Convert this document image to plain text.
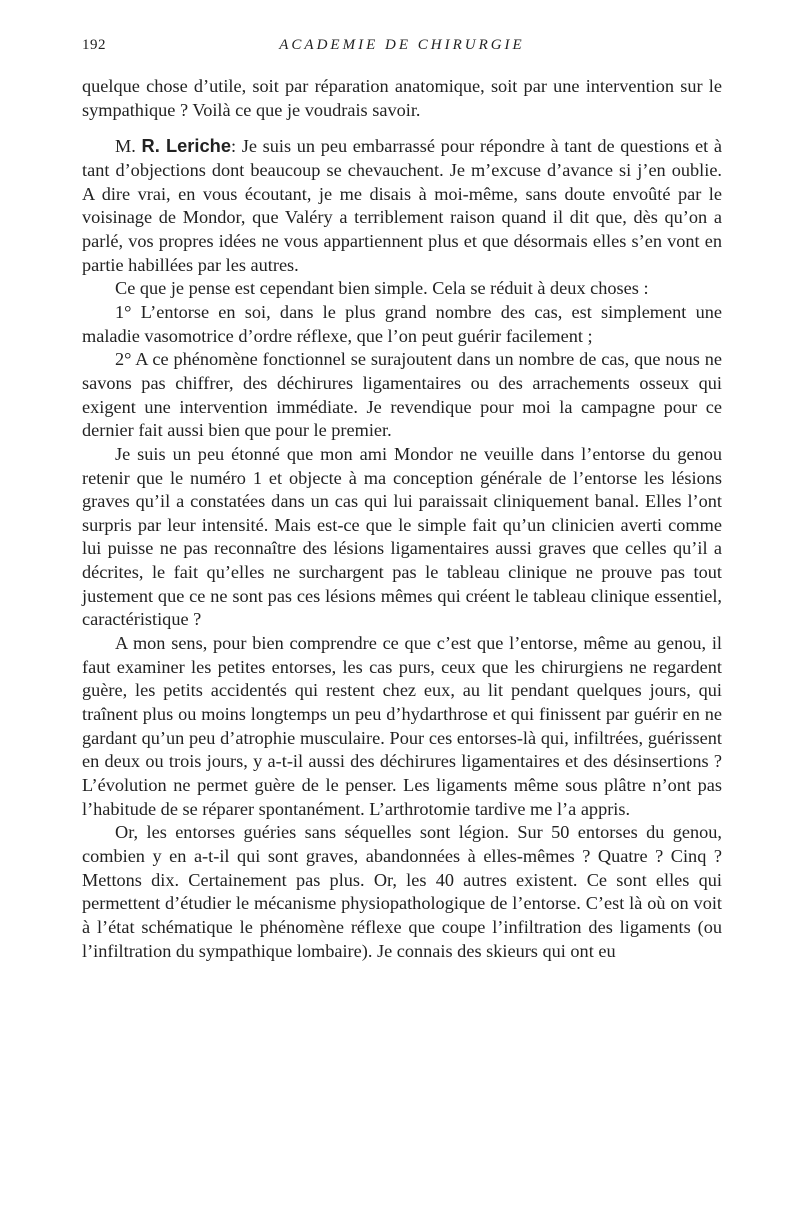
192	ACADEMIE DE CHIRURGIE

quelque chose d’utile, soit par réparation anatomique, soit par une intervention sur le sympathique ? Voilà ce que je voudrais savoir.

M. R. Leriche: Je suis un peu embarrassé pour répondre à tant de questions et à tant d’objections dont beaucoup se chevauchent. Je m’excuse d’avance si j’en oublie. A dire vrai, en vous écoutant, je me disais à moi-même, sans doute envoûté par le voisinage de Mondor, que Valéry a terriblement raison quand il dit que, dès qu’on a parlé, vos propres idées ne vous appartiennent plus et que désormais elles s’en vont en partie habillées par les autres.

Ce que je pense est cependant bien simple. Cela se réduit à deux choses :

1° L’entorse en soi, dans le plus grand nombre des cas, est simplement une maladie vasomotrice d’ordre réflexe, que l’on peut guérir facilement ;

2° A ce phénomène fonctionnel se surajoutent dans un nombre de cas, que nous ne savons pas chiffrer, des déchirures ligamentaires ou des arrachements osseux qui exigent une intervention immédiate. Je revendique pour moi la campagne pour ce dernier fait aussi bien que pour le premier.

Je suis un peu étonné que mon ami Mondor ne veuille dans l’entorse du genou retenir que le numéro 1 et objecte à ma conception générale de l’entorse les lésions graves qu’il a constatées dans un cas qui lui paraissait cliniquement banal. Elles l’ont surpris par leur intensité. Mais est-ce que le simple fait qu’un clinicien averti comme lui puisse ne pas reconnaître des lésions ligamentaires aussi graves que celles qu’il a décrites, le fait qu’elles ne surchargent pas le tableau clinique ne prouve pas tout justement que ce ne sont pas ces lésions mêmes qui créent le tableau clinique essentiel, caractéristique ?

A mon sens, pour bien comprendre ce que c’est que l’entorse, même au genou, il faut examiner les petites entorses, les cas purs, ceux que les chirurgiens ne regardent guère, les petits accidentés qui restent chez eux, au lit pendant quelques jours, qui traînent plus ou moins longtemps un peu d’hydarthrose et qui finissent par guérir en ne gardant qu’un peu d’atrophie musculaire. Pour ces entorses-là qui, infiltrées, guérissent en deux ou trois jours, y a-t-il aussi des déchirures ligamentaires et des désinsertions ? L’évolution ne permet guère de le penser. Les ligaments même sous plâtre n’ont pas l’habitude de se réparer spontanément. L’arthrotomie tardive me l’a appris.

Or, les entorses guéries sans séquelles sont légion. Sur 50 entorses du genou, combien y en a-t-il qui sont graves, abandonnées à elles-mêmes ? Quatre ? Cinq ? Mettons dix. Certainement pas plus. Or, les 40 autres existent. Ce sont elles qui permettent d’étudier le mécanisme physiopathologique de l’entorse. C’est là où on voit à l’état schématique le phénomène réflexe que coupe l’infiltration des ligaments (ou l’infiltration du sympathique lombaire). Je connais des skieurs qui ont eu
